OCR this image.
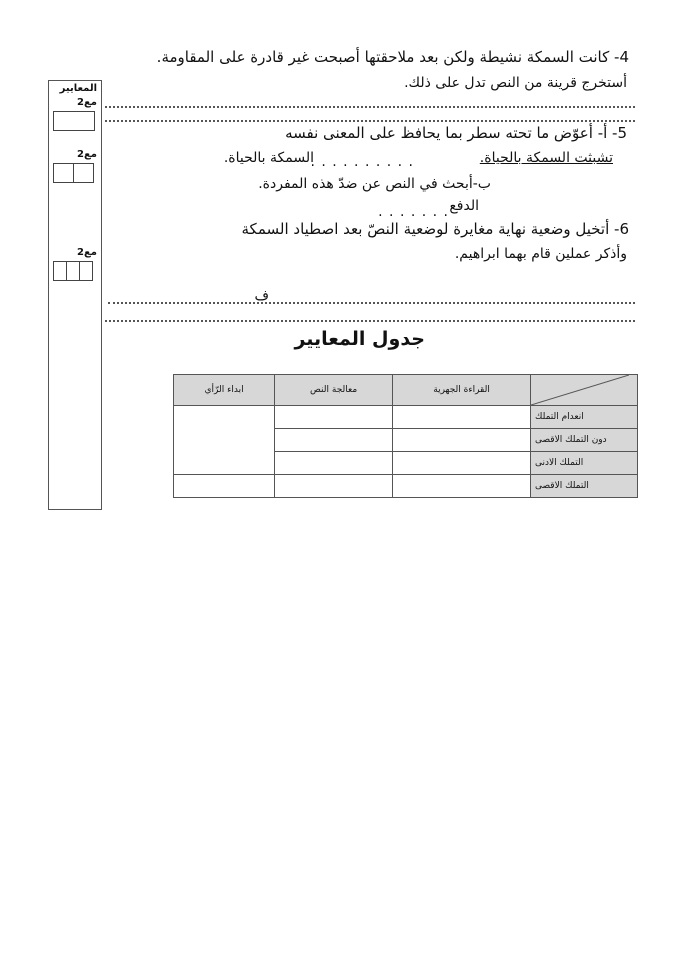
المعايير
مع2
مع2
مع2
4- كانت السمكة نشيطة ولكن بعد ملاحقتها أصبحت غير قادرة على المقاومة.
أستخرج قرينة من النص تدل على ذلك.
5- أ- أعوّض ما تحته سطر بما يحافظ على المعنى نفسه
تشبثت السمكة بالحياة.
. . . . . . . . . .
السمكة بالحياة.
ب-أبحث في النص عن ضدّ هذه المفردة.
الدفع
. . . . . . .
6- أتخيل وضعية نهاية مغايرة لوضعية النصّ بعد اصطياد السمكة
وأذكر عملين قام بهما ابراهيم.
ف
جدول المعايير
	القراءة الجهرية	معالجة النص	ابداء الرّأي
انعدام التملك			
دون التملك الاقصى			
التملك الادنى			
التملك الاقصى			
